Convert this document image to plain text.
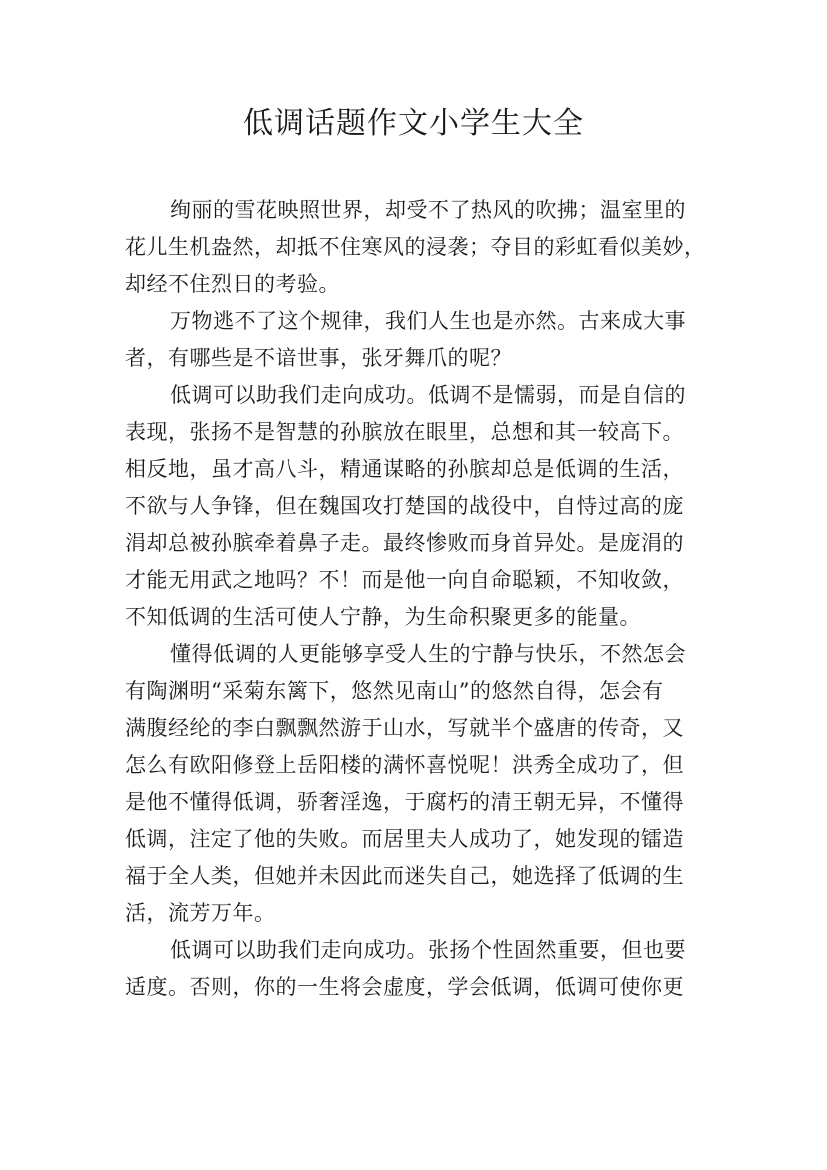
低调话题作文小学生大全
绚丽的雪花映照世界，却受不了热风的吹拂；温室里的
花儿生机盎然，却抵不住寒风的浸袭；夺目的彩虹看似美妙，
却经不住烈日的考验。
万物逃不了这个规律，我们人生也是亦然。古来成大事
者，有哪些是不谙世事，张牙舞爪的呢？
低调可以助我们走向成功。低调不是懦弱，而是自信的
表现，张扬不是智慧的孙膑放在眼里，总想和其一较高下。
相反地，虽才高八斗，精通谋略的孙膑却总是低调的生活，
不欲与人争锋，但在魏国攻打楚国的战役中，自恃过高的庞
涓却总被孙膑牵着鼻子走。最终惨败而身首异处。是庞涓的
才能无用武之地吗？不！而是他一向自命聪颖，不知收敛，
不知低调的生活可使人宁静，为生命积聚更多的能量。
懂得低调的人更能够享受人生的宁静与快乐，不然怎会
有陶渊明“采菊东篱下，悠然见南山”的悠然自得，怎会有
满腹经纶的李白飘飘然游于山水，写就半个盛唐的传奇，又
怎么有欧阳修登上岳阳楼的满怀喜悦呢！洪秀全成功了，但
是他不懂得低调，骄奢淫逸，于腐朽的清王朝无异，不懂得
低调，注定了他的失败。而居里夫人成功了，她发现的镭造
福于全人类，但她并未因此而迷失自己，她选择了低调的生
活，流芳万年。
低调可以助我们走向成功。张扬个性固然重要，但也要
适度。否则，你的一生将会虚度，学会低调，低调可使你更
